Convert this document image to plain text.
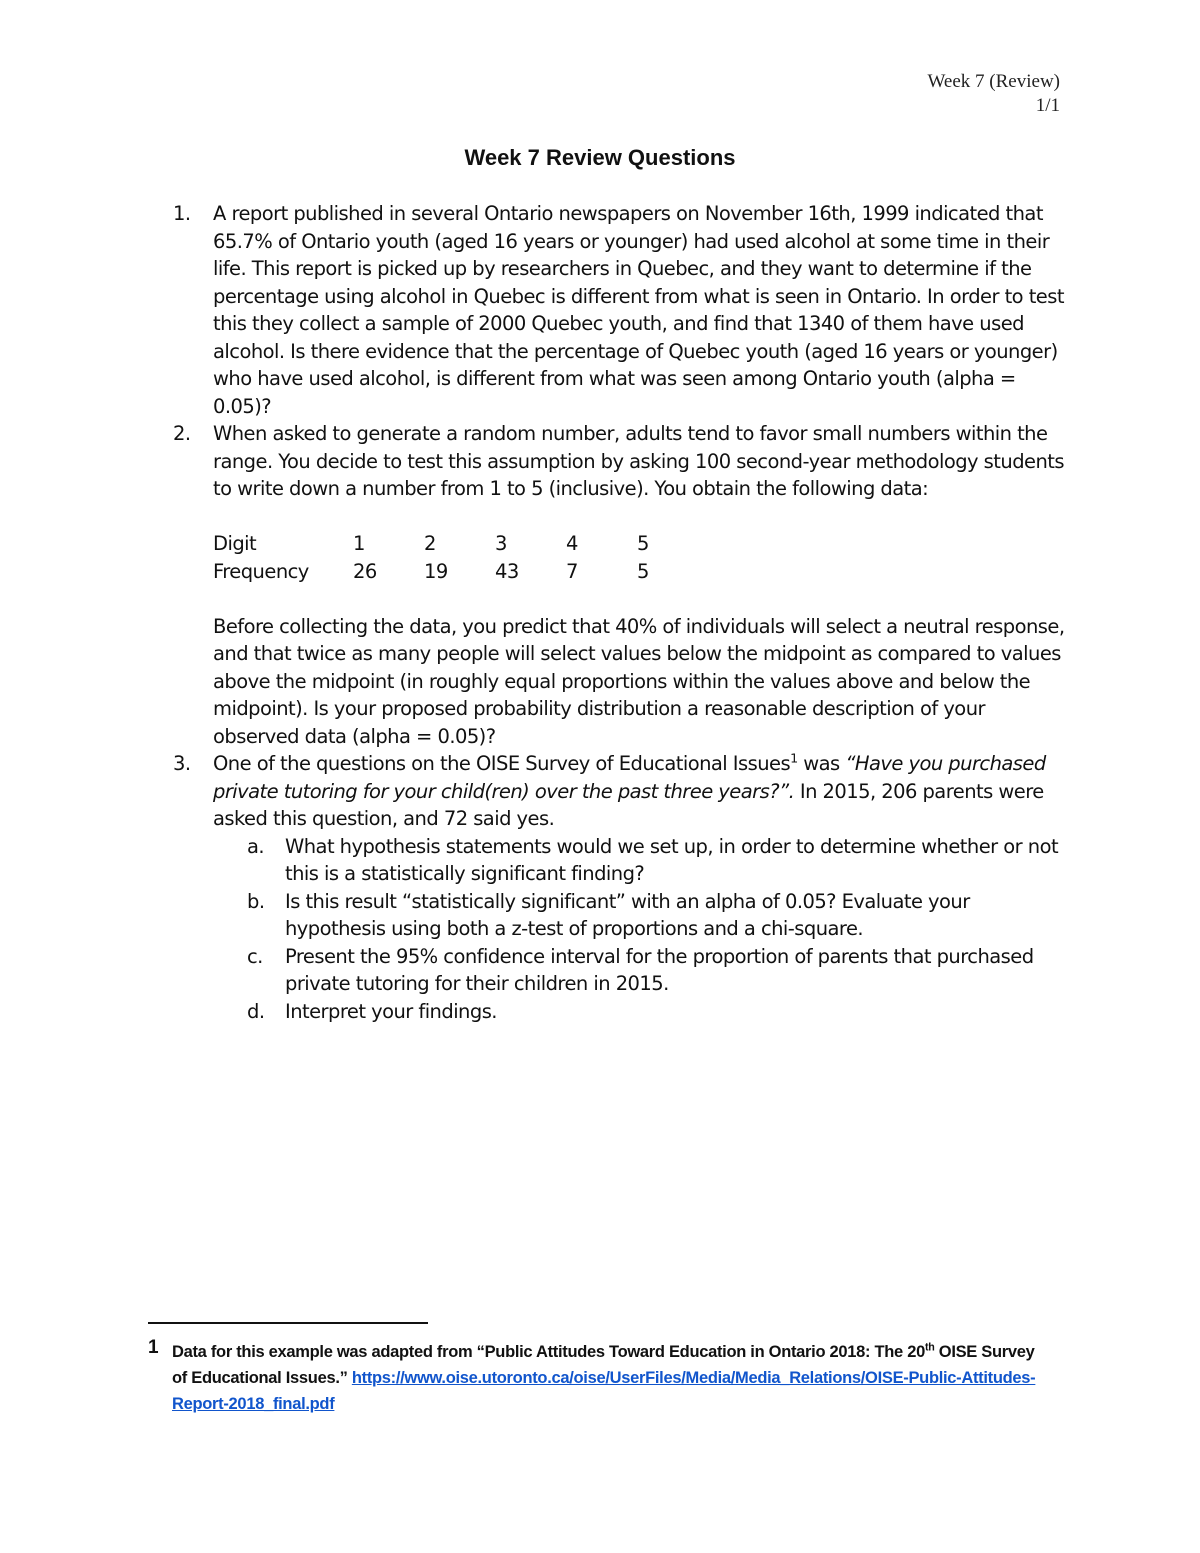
Week 7 (Review)
1/1
Week 7 Review Questions
1. A report published in several Ontario newspapers on November 16th, 1999 indicated that 65.7% of Ontario youth (aged 16 years or younger) had used alcohol at some time in their life. This report is picked up by researchers in Quebec, and they want to determine if the percentage using alcohol in Quebec is different from what is seen in Ontario. In order to test this they collect a sample of 2000 Quebec youth, and find that 1340 of them have used alcohol. Is there evidence that the percentage of Quebec youth (aged 16 years or younger) who have used alcohol, is different from what was seen among Ontario youth (alpha = 0.05)?

2. When asked to generate a random number, adults tend to favor small numbers within the range. You decide to test this assumption by asking 100 second-year methodology students to write down a number from 1 to 5 (inclusive). You obtain the following data:

Digit	1	2	3	4	5
Frequency	26	19	43	7	5

Before collecting the data, you predict that 40% of individuals will select a neutral response, and that twice as many people will select values below the midpoint as compared to values above the midpoint (in roughly equal proportions within the values above and below the midpoint). Is your proposed probability distribution a reasonable description of your observed data (alpha = 0.05)?

3. One of the questions on the OISE Survey of Educational Issues$^1$ was “Have you purchased private tutoring for your child(ren) over the past three years?”. In 2015, 206 parents were asked this question, and 72 said yes.

a. What hypothesis statements would we set up, in order to determine whether or not this is a statistically significant finding?
b. Is this result “statistically significant” with an alpha of 0.05? Evaluate your hypothesis using both a z-test of proportions and a chi-square.
c. Present the 95% confidence interval for the proportion of parents that purchased private tutoring for their children in 2015.
d. Interpret your findings.
1 Data for this example was adapted from “Public Attitudes Toward Education in Ontario 2018: The 20th OISE Survey of Educational Issues.” https://www.oise.utoronto.ca/oise/UserFiles/Media/Media_Relations/OISE-Public-Attitudes-Report-2018_final.pdf
